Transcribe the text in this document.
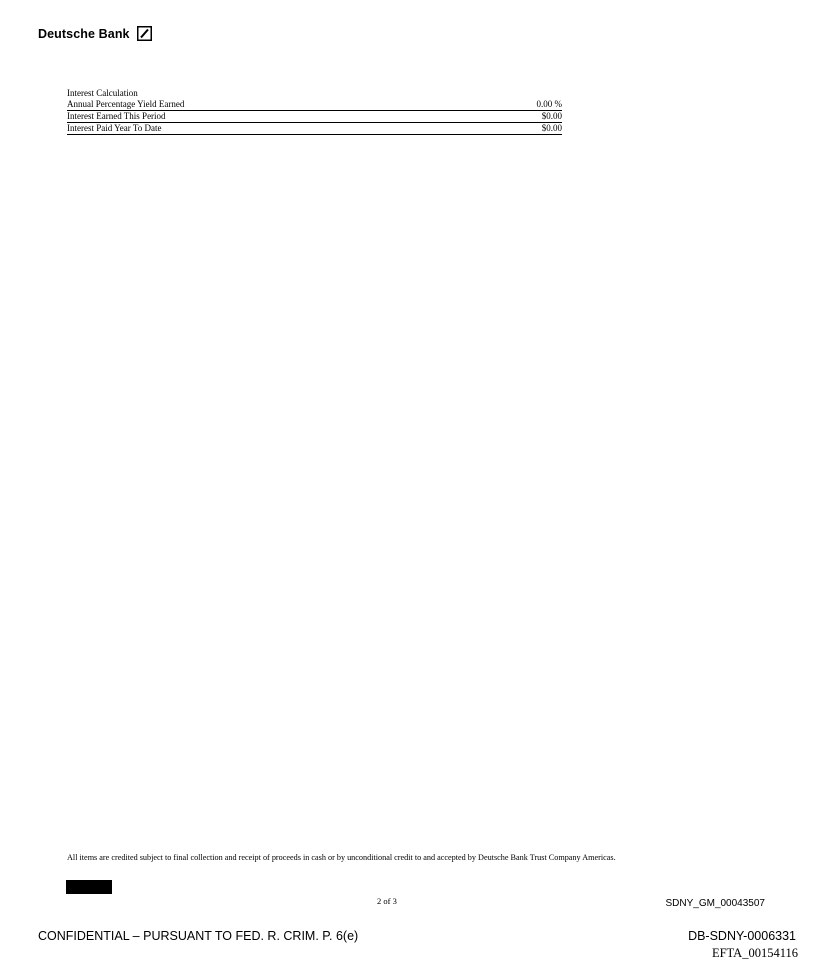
Deutsche Bank
Interest Calculation
Annual Percentage Yield Earned	0.00 %
Interest Earned This Period	$0.00
Interest Paid Year To Date	$0.00
All items are credited subject to final collection and receipt of proceeds in cash or by unconditional credit to and accepted by Deutsche Bank Trust Company Americas.
2 of 3	SDNY_GM_00043507
CONFIDENTIAL – PURSUANT TO FED. R. CRIM. P. 6(e)	DB-SDNY-0006331
EFTA_00154116
